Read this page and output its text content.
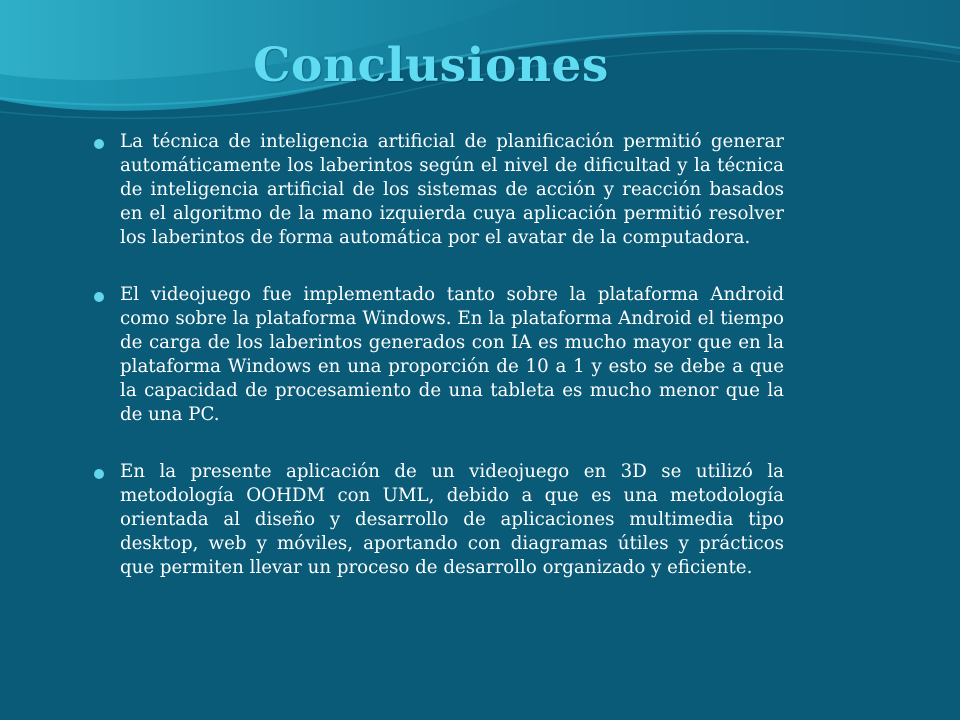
Conclusiones
La técnica de inteligencia artificial de planificación permitió generar automáticamente los laberintos según el nivel de dificultad y la técnica de inteligencia artificial de los sistemas de acción y reacción basados en el algoritmo de la mano izquierda cuya aplicación permitió resolver los laberintos de forma automática por el avatar de la computadora.
El videojuego fue implementado tanto sobre la plataforma Android como sobre la plataforma Windows. En la plataforma Android el tiempo de carga de los laberintos generados con IA es mucho mayor que en la plataforma Windows en una proporción de 10 a 1 y esto se debe a que la capacidad de procesamiento de una tableta es mucho menor que la de una PC.
En la presente aplicación de un videojuego en 3D se utilizó la metodología OOHDM con UML, debido a que es una metodología orientada al diseño y desarrollo de aplicaciones multimedia tipo desktop, web y móviles, aportando con diagramas útiles y prácticos que permiten llevar un proceso de desarrollo organizado y eficiente.
